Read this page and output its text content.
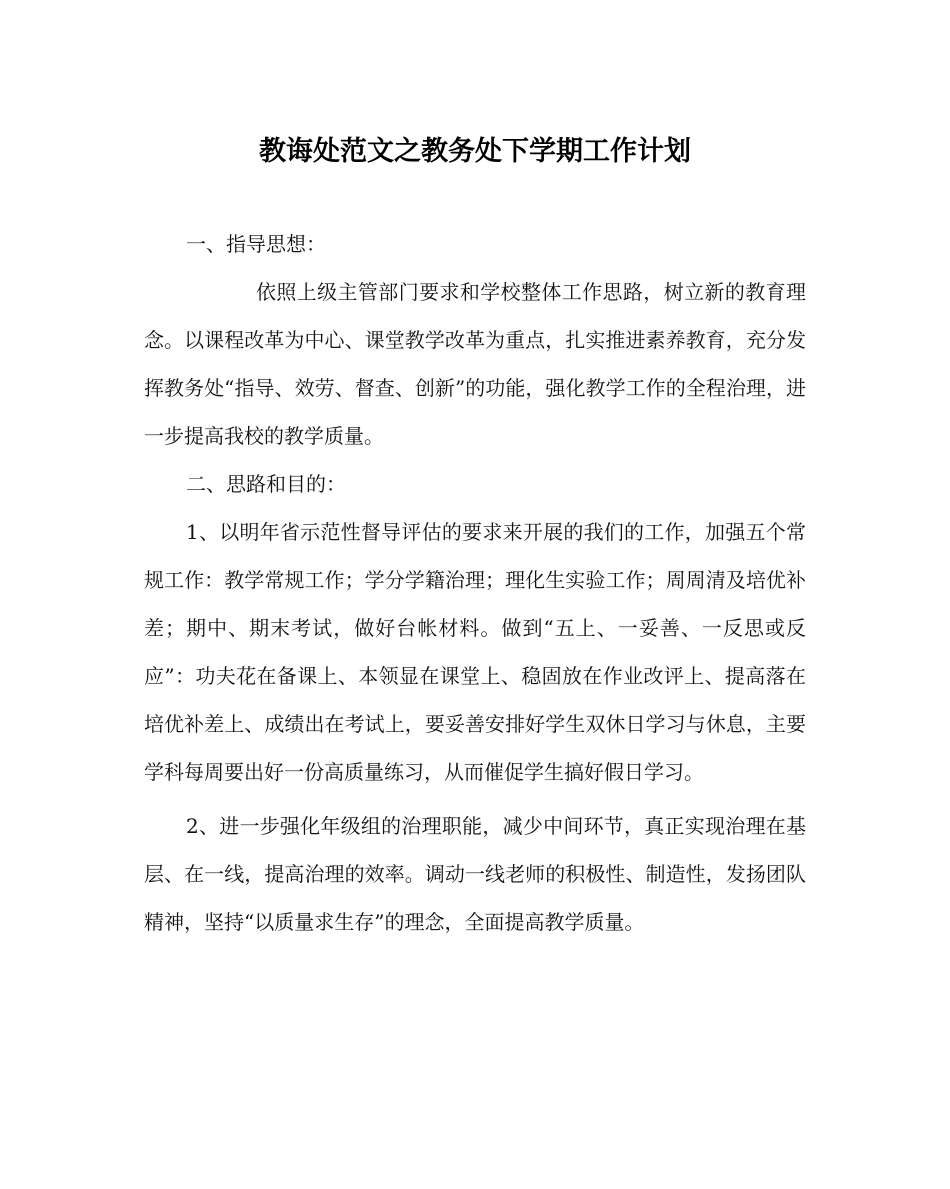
教诲处范文之教务处下学期工作计划

一、指导思想：

依照上级主管部门要求和学校整体工作思路，树立新的教育理念。以课程改革为中心、课堂教学改革为重点，扎实推进素养教育，充分发挥教务处“指导、效劳、督查、创新”的功能，强化教学工作的全程治理，进一步提高我校的教学质量。

二、思路和目的：

1、以明年省示范性督导评估的要求来开展的我们的工作，加强五个常规工作：教学常规工作；学分学籍治理；理化生实验工作；周周清及培优补差；期中、期末考试，做好台帐材料。做到“五上、一妥善、一反思或反应”：功夫花在备课上、本领显在课堂上、稳固放在作业改评上、提高落在培优补差上、成绩出在考试上，要妥善安排好学生双休日学习与休息，主要学科每周要出好一份高质量练习，从而催促学生搞好假日学习。

2、进一步强化年级组的治理职能，减少中间环节，真正实现治理在基层、在一线，提高治理的效率。调动一线老师的积极性、制造性，发扬团队精神，坚持“以质量求生存”的理念，全面提高教学质量。
